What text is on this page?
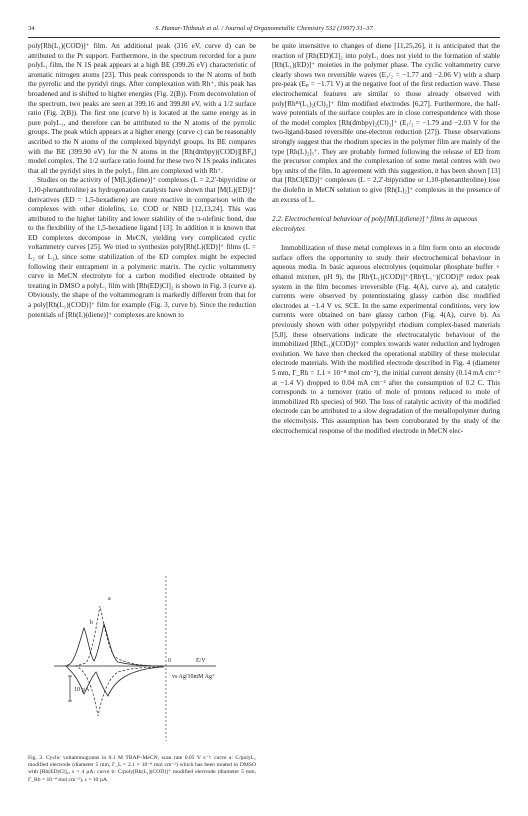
34	S. Hamar-Thibault et al. / Journal of Organometallic Chemistry 532 (1997) 31–37

poly[Rh(L₁)(COD)]⁺ film. An additional peak (316 eV, curve d) can be attributed to the Pt support. Furthermore, in the spectrum recorded for a pure polyL₁ film, the N 1S peak appears at a high BE (399.26 eV) characteristic of aromatic nitrogen atoms [23]. This peak corresponds to the N atoms of both the pyrrolic and the pyridyl rings. After complexation with Rh⁺, this peak has broadened and is shifted to higher energies (Fig. 2(B)). From deconvolution of the spectrum, two peaks are seen at 399.16 and 399.80 eV, with a 1/2 surface ratio (Fig. 2(B)). The first one (curve b) is located at the same energy as in pure polyL₁, and therefore can be attributed to the N atoms of the pyrrolic groups. The peak which appears at a higher energy (curve c) can be reasonably ascribed to the N atoms of the complexed bipyridyl groups. Its BE compares with the BE (399.90 eV) for the N atoms in the [Rh(dmbpy)(COD)][BF₄] model complex. The 1/2 surface ratio found for these two N 1S peaks indicates that all the pyridyl sites in the polyL₁ film are complexed with Rh⁺.

Studies on the activity of [M(L)(diene)]⁺ complexes (L = 2,2′-bipyridine or 1,10-phenanthroline) as hydrogenation catalysts have shown that [M(L)(ED)]⁺ derivatives (ED = 1,5-hexadiene) are more reactive in comparison with the complexes with other diolefins, i.e. COD or NBD [12,13,24]. This was attributed to the higher lability and lower stability of the π-olefinic bond, due to the flexibility of the 1,5-hexadiene ligand [13]. In addition it is known that ED complexes decompose in MeCN, yielding very complicated cyclic voltammetry curves [25]. We tried to synthesize poly[Rh(L)(ED)]⁺ films (L = L₂ or L₃), since some stabilization of the ED complex might be expected following their entrapment in a polymeric matrix. The cyclic voltammetry curve in MeCN electrolyte for a carbon modified electrode obtained by treating in DMSO a polyL₁ film with [Rh(ED)Cl]₂ is shown in Fig. 3 (curve a). Obviously, the shape of the voltammogram is markedly different from that for a poly[Rh(L₁)(COD)]⁺ film for example (Fig. 3, curve b). Since the reduction potentials of [Rh(L)(diene)]⁺ complexes are known to

10 µA
a
b
0	E/V
vs Ag/10mM Ag⁺
Fig. 3. Cyclic voltammograms in 0.1 M TBAP–MeCN, scan rate 0.05 V s⁻¹: curve a: C/polyL₁ modified electrode (diameter 5 mm, Γ_L = 2.1 × 10⁻⁸ mol cm⁻²) which has been treated in DMSO with [Rh(ED)Cl]₂, s = 4 µA; curve b: C/poly[Rh(L₁)(COD)]⁺ modified electrode (diameter 5 mm, Γ_Rh = 10⁻⁸ mol cm⁻²), s = 10 µA.

be quite insensitive to changes of diene [11,25,26], it is anticipated that the reaction of [Rh(ED)Cl]₂ into polyL₁ does not yield to the formation of stable [Rh(L₁)(ED)]⁺ moieties in the polymer phase. The cyclic voltammetry curve clearly shows two reversible waves (E₁/₂ = −1.77 and −2.06 V) with a sharp pre-peak (Eₚ = −1.71 V) at the negative foot of the first reduction wave. These electrochemical features are similar to those already observed with poly[Rhᴵᴵᴵ(L₁)₂(Cl)₂]⁺ film modified electrodes [6,27]. Furthermore, the half-wave potentials of the surface couples are in close correspondence with those of the model complex [Rh(dmbpy)₂(Cl)₂]⁺ (E₁/₂ = −1.79 and −2.03 V for the two-ligand-based reversible one-electron reduction [27]). These observations strongly suggest that the rhodium species in the polymer film are mainly of the type [Rh(L)₂]ₓ⁺. They are probably formed following the release of ED from the precursor complex and the complexation of some metal centres with two bpy units of the film. In agreement with this suggestion, it has been shown [13] that [RhCl(ED)]⁺ complexes (L = 2,2′-bipyridine or 1,10-phenanthroline) lose the diolefin in MeCN solution to give [Rh(L)₂]⁺ complexes in the presence of an excess of L.

2.2. Electrochemical behaviour of poly[M(L)(diene)]⁺ films in aqueous electrolytes

Immobilization of these metal complexes in a film form onto an electrode surface offers the opportunity to study their electrochemical behaviour in aqueous media. In basic aqueous electrolytes (equimolar phosphate buffer + ethanol mixture, pH 9), the [Rhᴵ(L₁)(COD)]⁺/[Rhᴵ(L₁⁻)(COD)]⁰ redox peak system in the film becomes irreversible (Fig. 4(A), curve a), and catalytic currents were observed by potentiostating glassy carbon disc modified electrodes at −1.4 V vs. SCE. In the same experimental conditions, very low currents were obtained on bare glassy carbon (Fig. 4(A), curve b). As previously shown with other polypyridyl rhodium complex-based materials [5,8], these observations indicate the electrocatalytic behaviour of the immobilized [Rh(L₁)(COD)]⁺ complex towards water reduction and hydrogen evolution. We have then checked the operational stability of these molecular electrode materials. With the modified electrode described in Fig. 4 (diameter 5 mm, Γ_Rh = 1.1 × 10⁻⁸ mol cm⁻²), the initial current density (0.14 mA cm⁻² at −1.4 V) dropped to 0.04 mA cm⁻² after the consumption of 0.2 C. This corresponds to a turnover (ratio of mole of protons reduced to mole of immobilized Rh species) of 960. The loss of catalytic activity of the modified electrode can be attributed to a slow degradation of the metallopolymer during the electrolysis. This assumption has been corroborated by the study of the electrochemical response of the modified electrode in MeCN elec-
